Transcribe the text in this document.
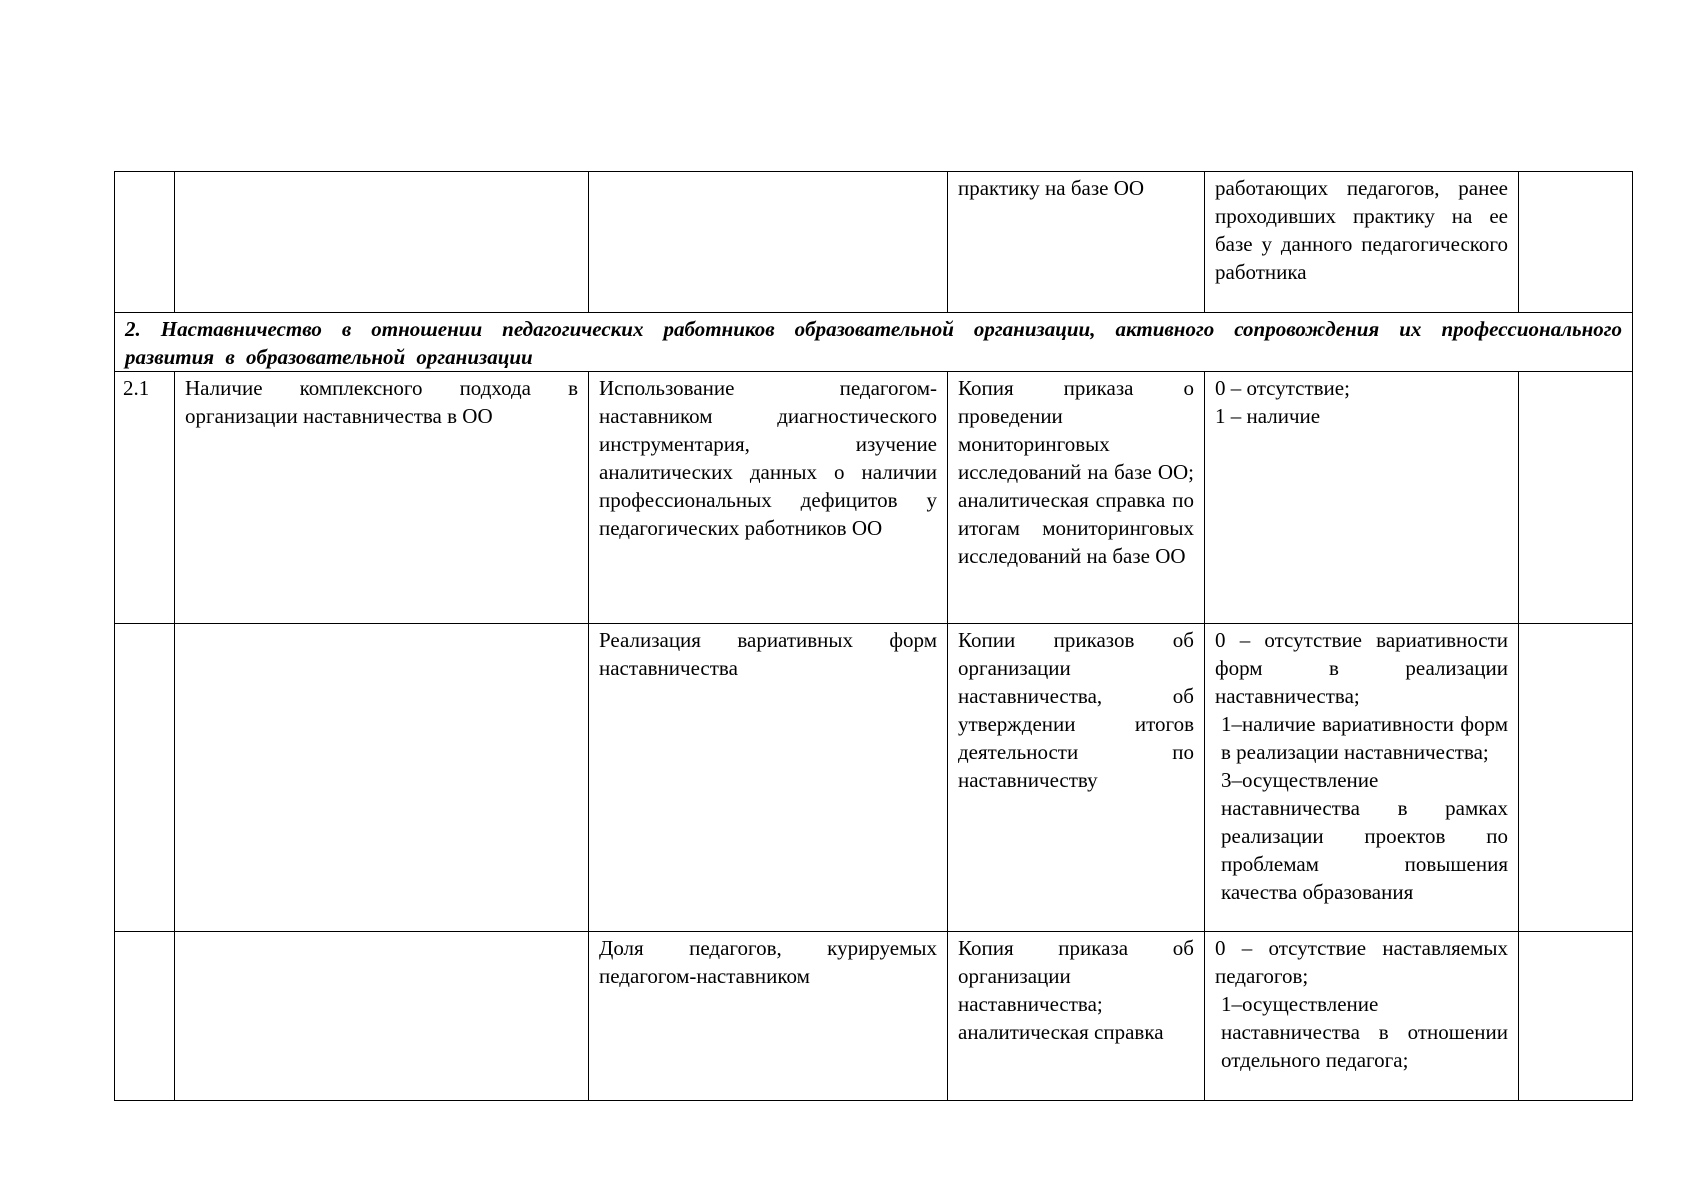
			практику на базе ОО	работающих педагогов, ранее проходивших практику на ее базе у данного педагогического работника	

2. Наставничество в отношении педагогических работников образовательной организации, активного сопровождения их профессионального развития в образовательной организации					

2.1	Наличие комплексного подхода в организации наставничества в ОО	Использование педагогом-наставником диагностического инструментария, изучение аналитических данных о наличии профессиональных дефицитов у педагогических работников ОО	Копия приказа о проведении мониторинговых исследований на базе ОО; аналитическая справка по итогам мониторинговых исследований на базе ОО	0 – отсутствие;

1 – наличие	

		Реализация вариативных форм наставничества	Копии приказов об организации наставничества, об утверждении итогов деятельности по наставничеству	0 – отсутствие вариативности форм в реализации наставничества;

1–наличие вариативности форм в реализации наставничества;

3–осуществление наставничества в рамках реализации проектов по проблемам повышения качества образования	

		Доля педагогов, курируемых педагогом-наставником	Копия приказа об организации наставничества; аналитическая справка	0 – отсутствие наставляемых педагогов;

1–осуществление наставничества в отношении отдельного педагога;	
